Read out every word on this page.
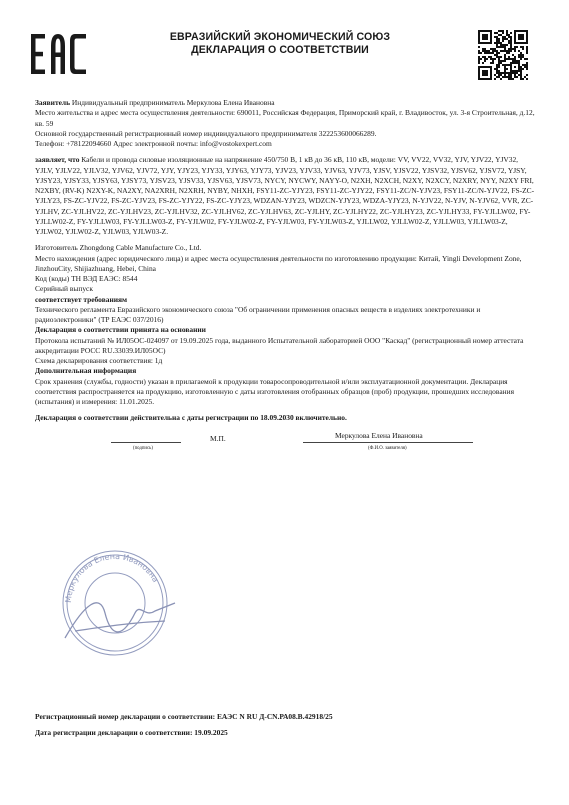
ЕВРАЗИЙСКИЙ ЭКОНОМИЧЕСКИЙ СОЮЗ
ДЕКЛАРАЦИЯ О СООТВЕТСТВИИ

Заявитель Индивидуальный предприниматель Меркулова Елена Ивановна

Место жительства и адрес места осуществления деятельности: 690011, Российская Федерация, Приморский край, г. Владивосток, ул. 3-я Строительная, д.12, кв. 59

Основной государственный регистрационный номер индивидуального предпринимателя 322253600066289.

Телефон: +78122094660 Адрес электронной почты: info@vostokexpert.com

заявляет, что Кабели и провода силовые изоляционные на напряжение 450/750 В, 1 кВ до 36 кВ, 110 кВ, модели: VV, VV22, VV32, YJV, YJV22, YJV32, YJLV, YJLV22, YJLV32, YJV62, YJV72, YJY, YJY23, YJY33, YJY63, YJY73, YJV23, YJV33, YJV63, YJV73, YJSV, YJSV22, YJSV32, YJSV62, YJSV72, YJSY, YJSY23, YJSY33, YJSY63, YJSY73, YJSV23, YJSV33, YJSV63, YJSV73, NYCY, NYCWY, NAYY-O, N2XH, N2XCH, N2XY, N2XCY, N2XRY, NYY, N2XY FRI, N2XBY, (RV-K) N2XY-K, NA2XY, NA2XRH, N2XRH, NYBY, NHXH, FSY11-ZC-YJY23, FSY11-ZC-YJY22, FSY11-ZC/N-YJV23, FSY11-ZC/N-YJV22, FS-ZC-YJLY23, FS-ZC-YJV22, FS-ZC-YJV23, FS-ZC-YJY22, FS-ZC-YJY23, WDZAN-YJY23, WDZCN-YJY23, WDZA-YJY23, N-YJV22, N-YJV, N-YJV62, VVR, ZC-YJLHV, ZC-YJLHV22, ZC-YJLHV23, ZC-YJLHV32, ZC-YJLHV62, ZC-YJLHV63, ZC-YJLHY, ZC-YJLHY22, ZC-YJLHY23, ZC-YJLHY33, FY-YJLLW02, FY-YJLLW02-Z, FY-YJLLW03, FY-YJLLW03-Z, FY-YJLW02, FY-YJLW02-Z, FY-YJLW03, FY-YJLW03-Z, YJLLW02, YJLLW02-Z, YJLLW03, YJLLW03-Z, YJLW02, YJLW02-Z, YJLW03, YJLW03-Z.

Изготовитель Zhongdong Cable Manufacture Co., Ltd.

Место нахождения (адрес юридического лица) и адрес места осуществления деятельности по изготовлению продукции: Китай, Yingli Development Zone, JinzhouCity, Shijiazhuang, Hebei, China

Код (коды) ТН ВЭД ЕАЭС: 8544

Серийный выпуск

соответствует требованиям

Технического регламента Евразийского экономического союза "Об ограничении применения опасных веществ в изделиях электротехники и радиоэлектроники" (ТР ЕАЭС 037/2016)

Декларация о соответствии принята на основании

Протокола испытаний № ИЛ05ОС-024097 от 19.09.2025 года, выданного Испытательной лабораторией ООО "Каскад" (регистрационный номер аттестата аккредитации РОСС RU.33039.ИЛ05ОС)

Схема декларирования соответствия: 1д

Дополнительная информация

Срок хранения (службы, годности) указан в прилагаемой к продукции товаросопроводительной и/или эксплуатационной документации. Декларация соответствия распространяется на продукцию, изготовленную с даты изготовления отобранных образцов (проб) продукции, прошедших исследования (испытания) и измерения: 11.01.2025.

Декларация о соответствии действительна с даты регистрации по 18.09.2030 включительно.

(подпись)
М.П.	Меркулова Елена Ивановна
(Ф.И.О. заявителя)
Меркулова Елена Ивановна
Регистрационный номер декларации о соответствии: ЕАЭС N RU Д-CN.РА08.В.42918/25
Дата регистрации декларации о соответствии: 19.09.2025
